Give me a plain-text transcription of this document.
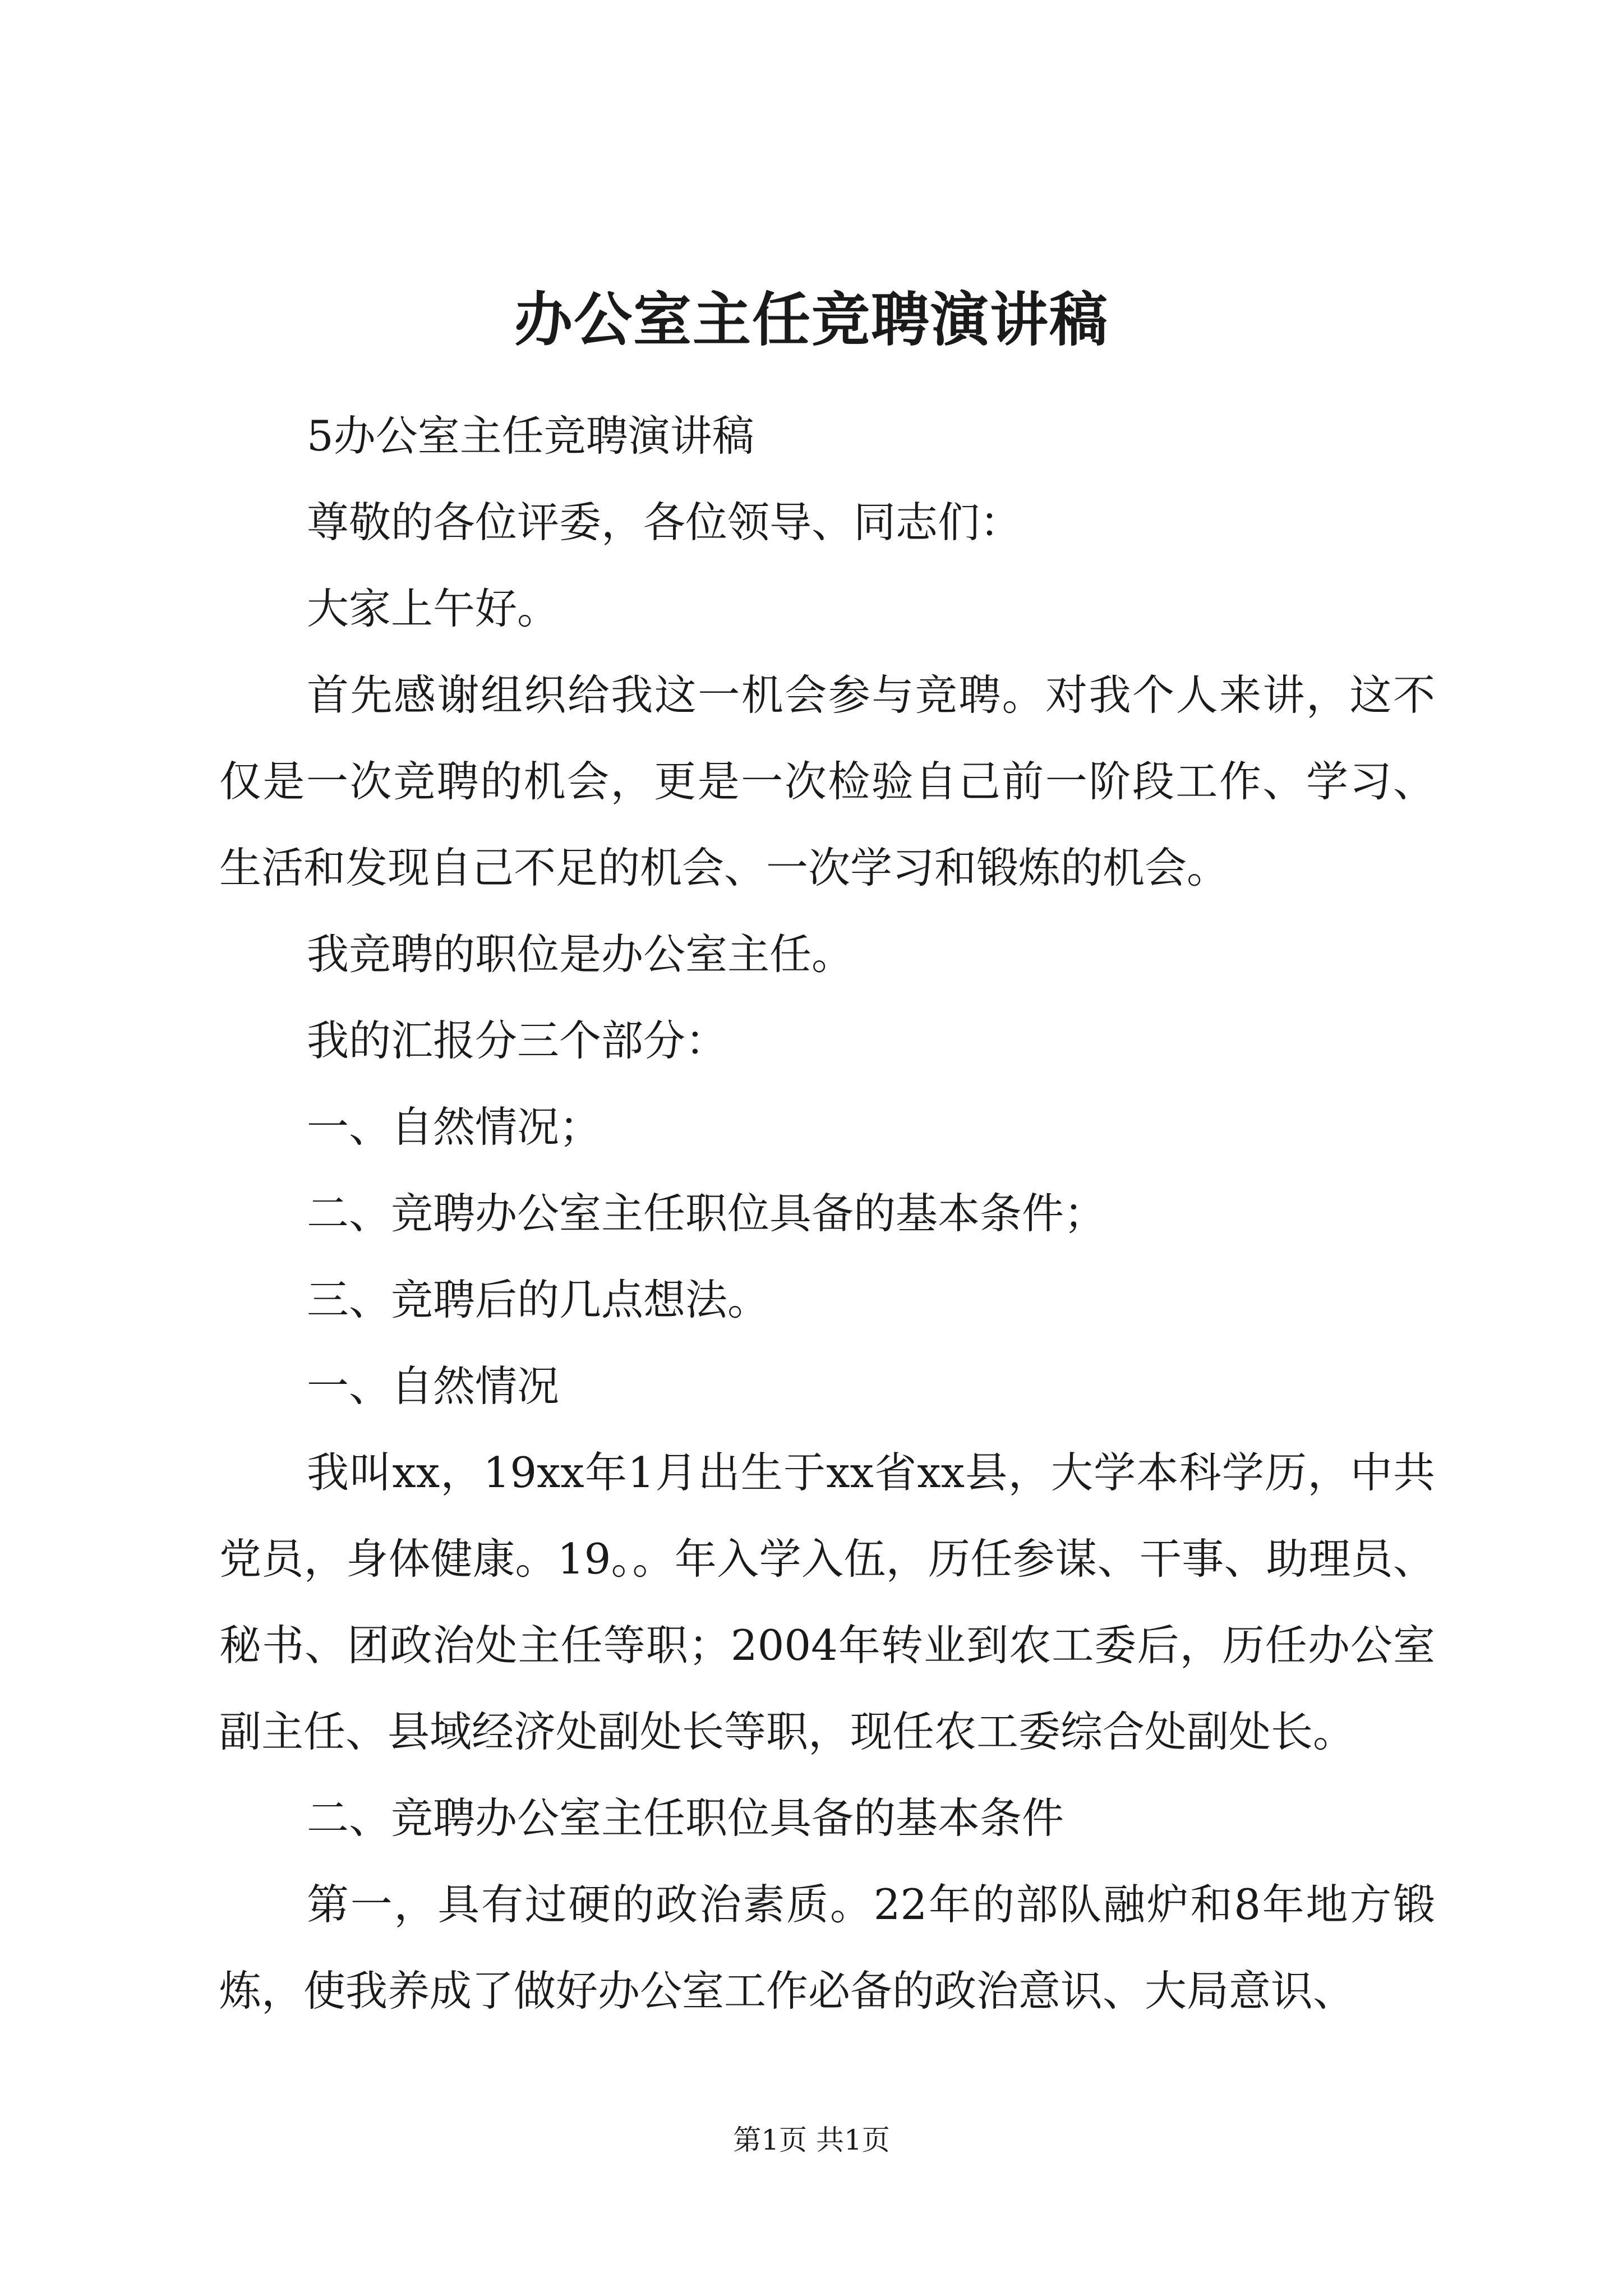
办公室主任竞聘演讲稿

5办公室主任竞聘演讲稿

尊敬的各位评委，各位领导、同志们：

大家上午好。

首先感谢组织给我这一机会参与竞聘。对我个人来讲，这不仅是一次竞聘的机会，更是一次检验自己前一阶段工作、学习、生活和发现自己不足的机会、一次学习和锻炼的机会。

我竞聘的职位是办公室主任。

我的汇报分三个部分：

一、自然情况；

二、竞聘办公室主任职位具备的基本条件；

三、竞聘后的几点想法。

一、自然情况

我叫xx，19xx年1月出生于xx省xx县，大学本科学历，中共党员，身体健康。19。。年入学入伍，历任参谋、干事、助理员、秘书、团政治处主任等职；2004年转业到农工委后，历任办公室副主任、县域经济处副处长等职，现任农工委综合处副处长。

二、竞聘办公室主任职位具备的基本条件

第一，具有过硬的政治素质。22年的部队融炉和8年地方锻炼，使我养成了做好办公室工作必备的政治意识、大局意识、

第1页 共1页
